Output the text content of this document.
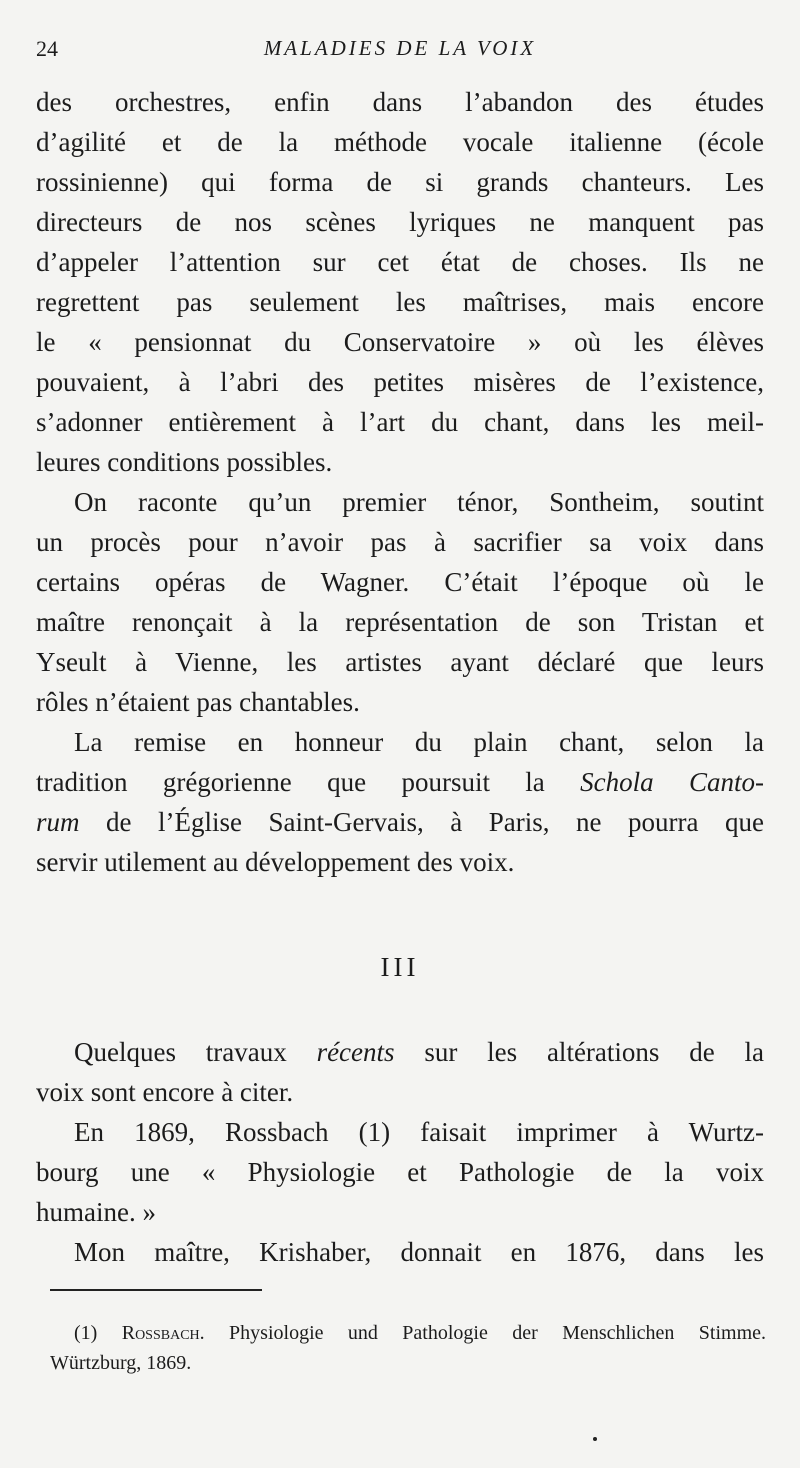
24	MALADIES DE LA VOIX
des orchestres, enfin dans l’abandon des études
d’agilité et de la méthode vocale italienne (école
rossinienne) qui forma de si grands chanteurs. Les
directeurs de nos scènes lyriques ne manquent pas
d’appeler l’attention sur cet état de choses. Ils ne
regrettent pas seulement les maîtrises, mais encore
le « pensionnat du Conservatoire » où les élèves
pouvaient, à l’abri des petites misères de l’existence,
s’adonner entièrement à l’art du chant, dans les meil-
leures conditions possibles.
On raconte qu’un premier ténor, Sontheim, soutint
un procès pour n’avoir pas à sacrifier sa voix dans
certains opéras de Wagner. C’était l’époque où le
maître renonçait à la représentation de son Tristan et
Yseult à Vienne, les artistes ayant déclaré que leurs
rôles n’étaient pas chantables.
La remise en honneur du plain chant, selon la
tradition grégorienne que poursuit la Schola Canto-
rum de l’Église Saint-Gervais, à Paris, ne pourra que
servir utilement au développement des voix.
III
Quelques travaux récents sur les altérations de la
voix sont encore à citer.
En 1869, Rossbach (1) faisait imprimer à Wurtz-
bourg une « Physiologie et Pathologie de la voix
humaine. »
Mon maître, Krishaber, donnait en 1876, dans les
(1) Rossbach. Physiologie und Pathologie der Menschlichen Stimme.
Würtzburg, 1869.
